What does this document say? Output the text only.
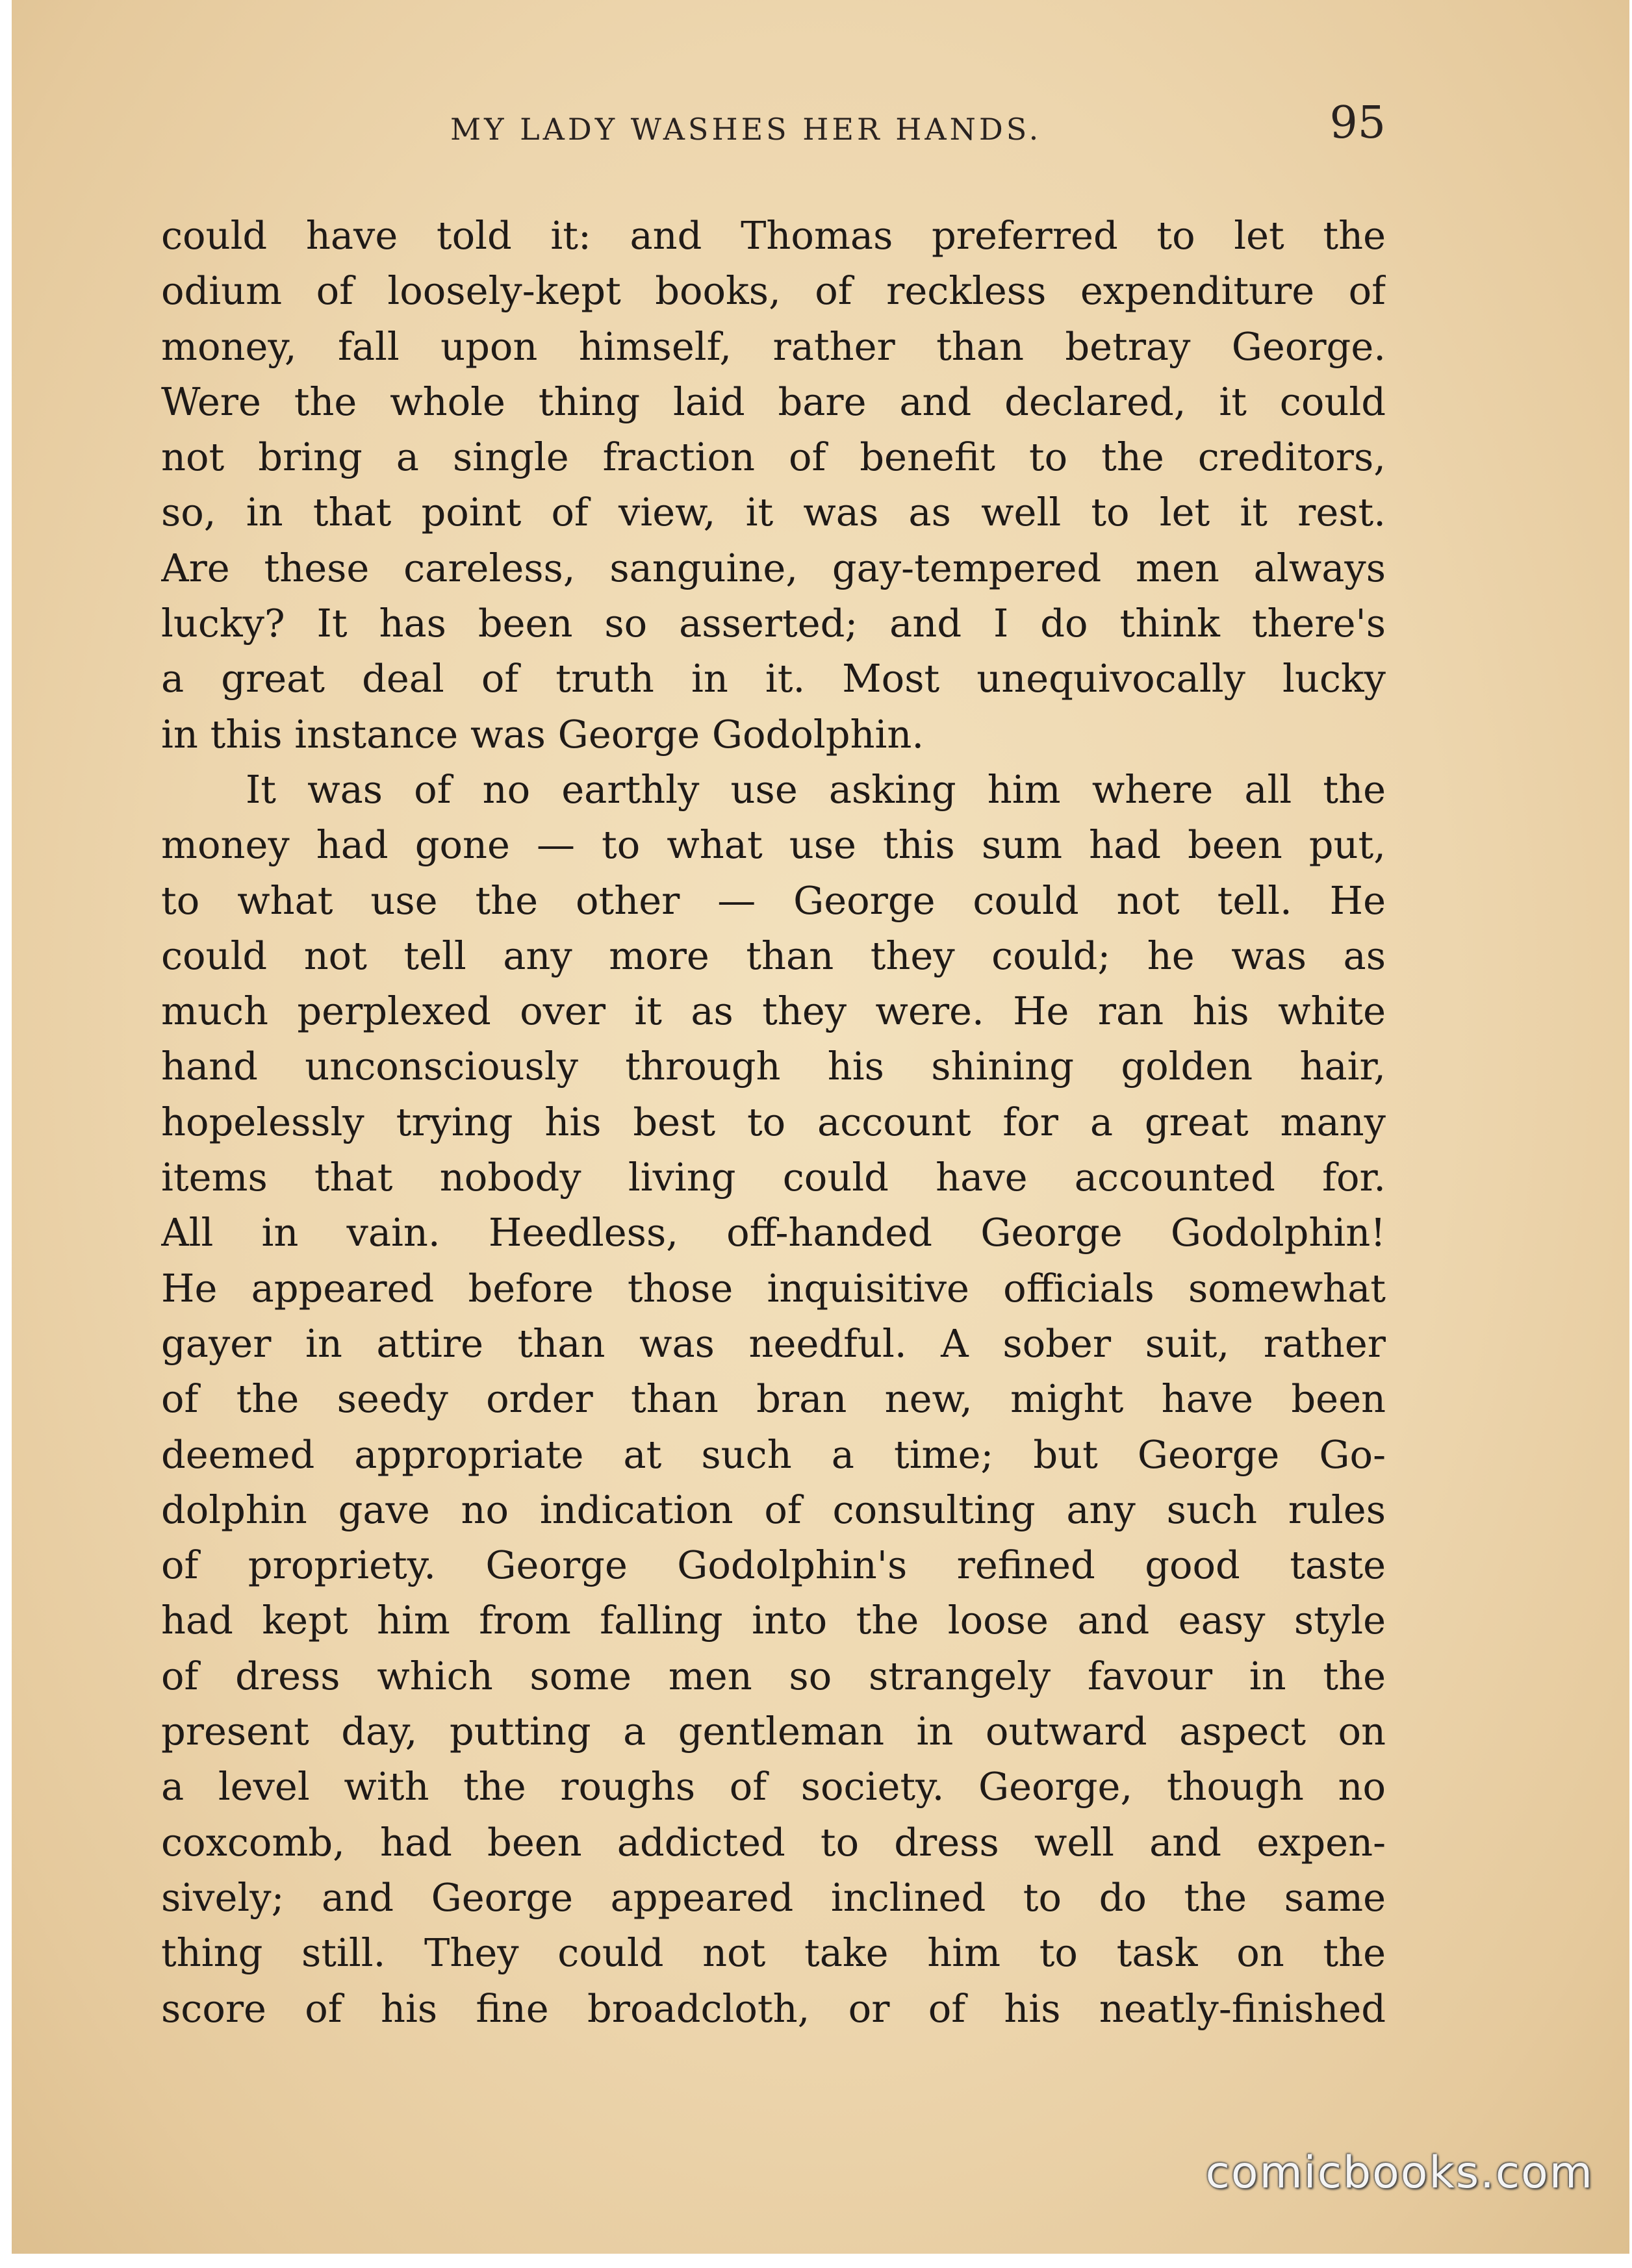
MY LADY WASHES HER HANDS.	95
could have told it: and Thomas preferred to let the
odium of loosely-kept books, of reckless expenditure of
money, fall upon himself, rather than betray George.
Were the whole thing laid bare and declared, it could
not bring a single fraction of benefit to the creditors,
so, in that point of view, it was as well to let it rest.
Are these careless, sanguine, gay-tempered men always
lucky? It has been so asserted; and I do think there's
a great deal of truth in it. Most unequivocally lucky
in this instance was George Godolphin.
It was of no earthly use asking him where all the
money had gone — to what use this sum had been put,
to what use the other — George could not tell. He
could not tell any more than they could; he was as
much perplexed over it as they were. He ran his white
hand unconsciously through his shining golden hair,
hopelessly trying his best to account for a great many
items that nobody living could have accounted for.
All in vain. Heedless, off-handed George Godolphin!
He appeared before those inquisitive officials somewhat
gayer in attire than was needful. A sober suit, rather
of the seedy order than bran new, might have been
deemed appropriate at such a time; but George Go-
dolphin gave no indication of consulting any such rules
of propriety. George Godolphin's refined good taste
had kept him from falling into the loose and easy style
of dress which some men so strangely favour in the
present day, putting a gentleman in outward aspect on
a level with the roughs of society. George, though no
coxcomb, had been addicted to dress well and expen-
sively; and George appeared inclined to do the same
thing still. They could not take him to task on the
score of his fine broadcloth, or of his neatly-finished
comicbooks.com
